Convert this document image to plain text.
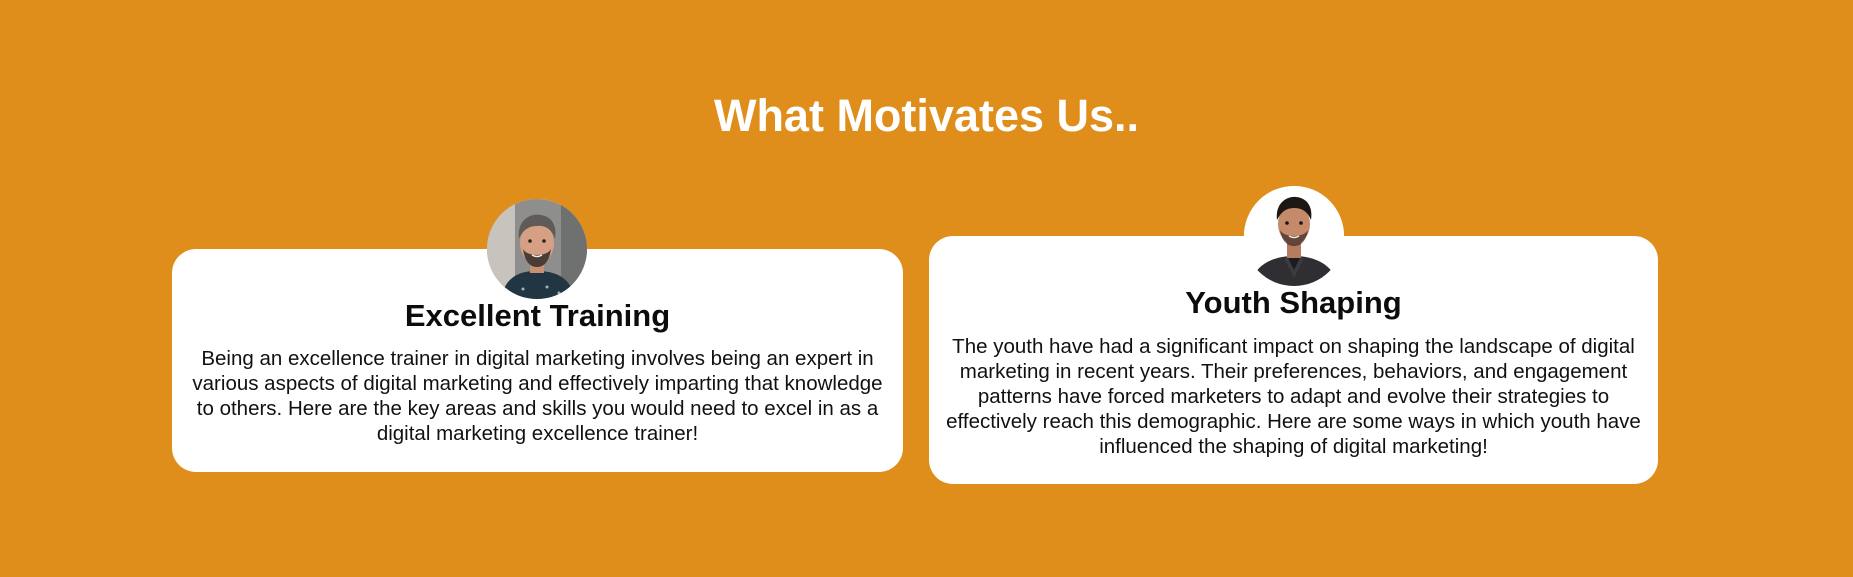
What Motivates Us..
Excellent Training

Being an excellence trainer in digital marketing involves being an expert in various aspects of digital marketing and effectively imparting that knowledge to others. Here are the key areas and skills you would need to excel in as a digital marketing excellence trainer!

Youth Shaping

The youth have had a significant impact on shaping the landscape of digital marketing in recent years. Their preferences, behaviors, and engagement patterns have forced marketers to adapt and evolve their strategies to effectively reach this demographic. Here are some ways in which youth have influenced the shaping of digital marketing!
